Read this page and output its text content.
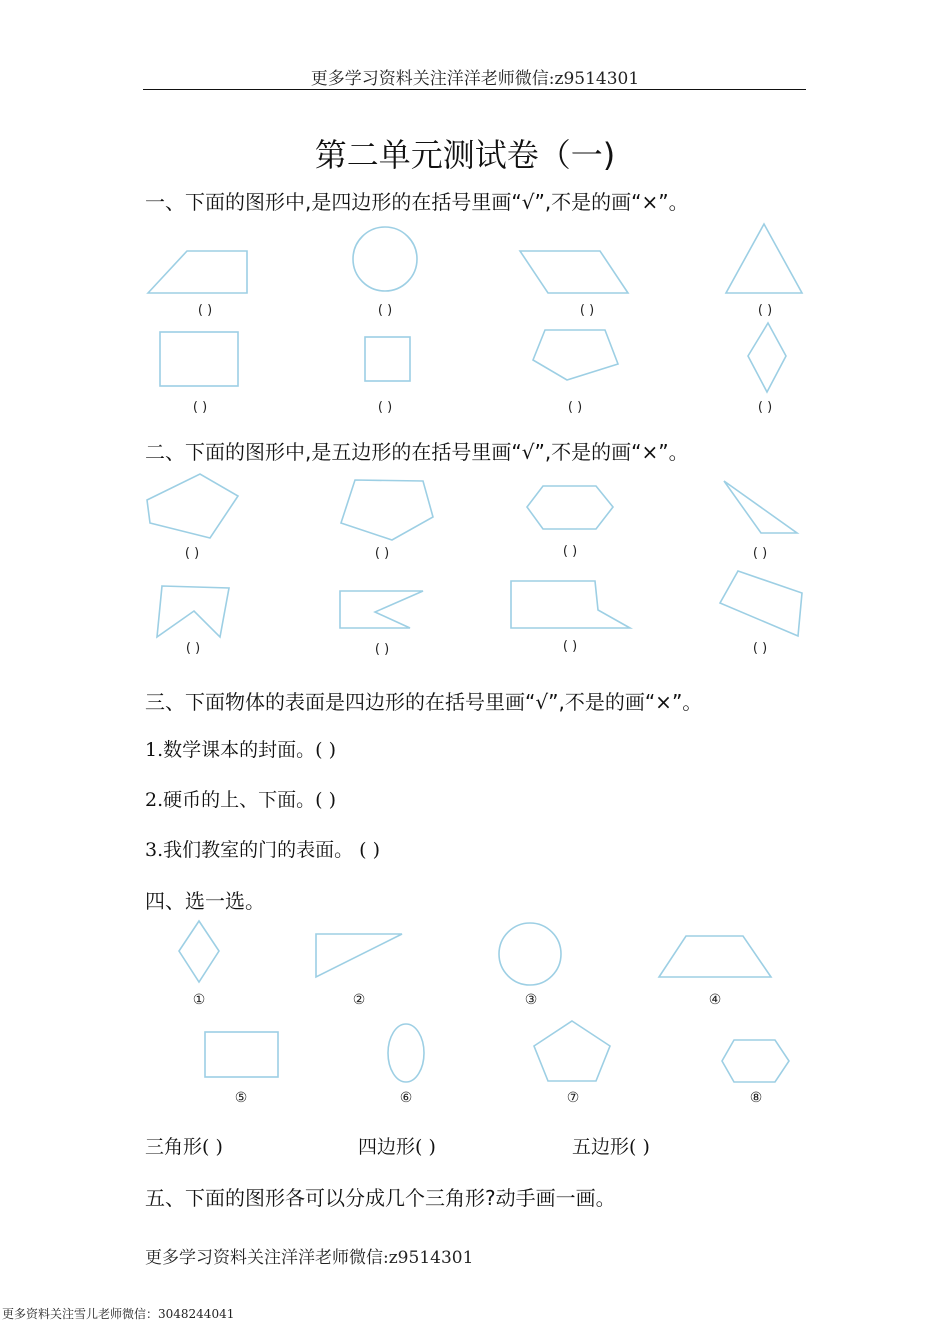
更多学习资料关注洋洋老师微信:z9514301
第二单元测试卷（一)
一、下面的图形中,是四边形的在括号里画“√”,不是的画“×”。
二、下面的图形中,是五边形的在括号里画“√”,不是的画“×”。
三、下面物体的表面是四边形的在括号里画“√”,不是的画“×”。
1.数学课本的封面。( )
2.硬币的上、下面。( )
3.我们教室的门的表面。 ( )
四、选一选。
三角形( )	四边形( )	五边形( )
五、下面的图形各可以分成几个三角形?动手画一画。
更多学习资料关注洋洋老师微信:z9514301
更多资料关注雪儿老师微信：3048244041
( )	( )	( )	( )
( )	( )	( )	( )
( )	( )	( )	( )
( )	( )	( )	( )
①	②	③	④
⑤	⑥	⑦	⑧
